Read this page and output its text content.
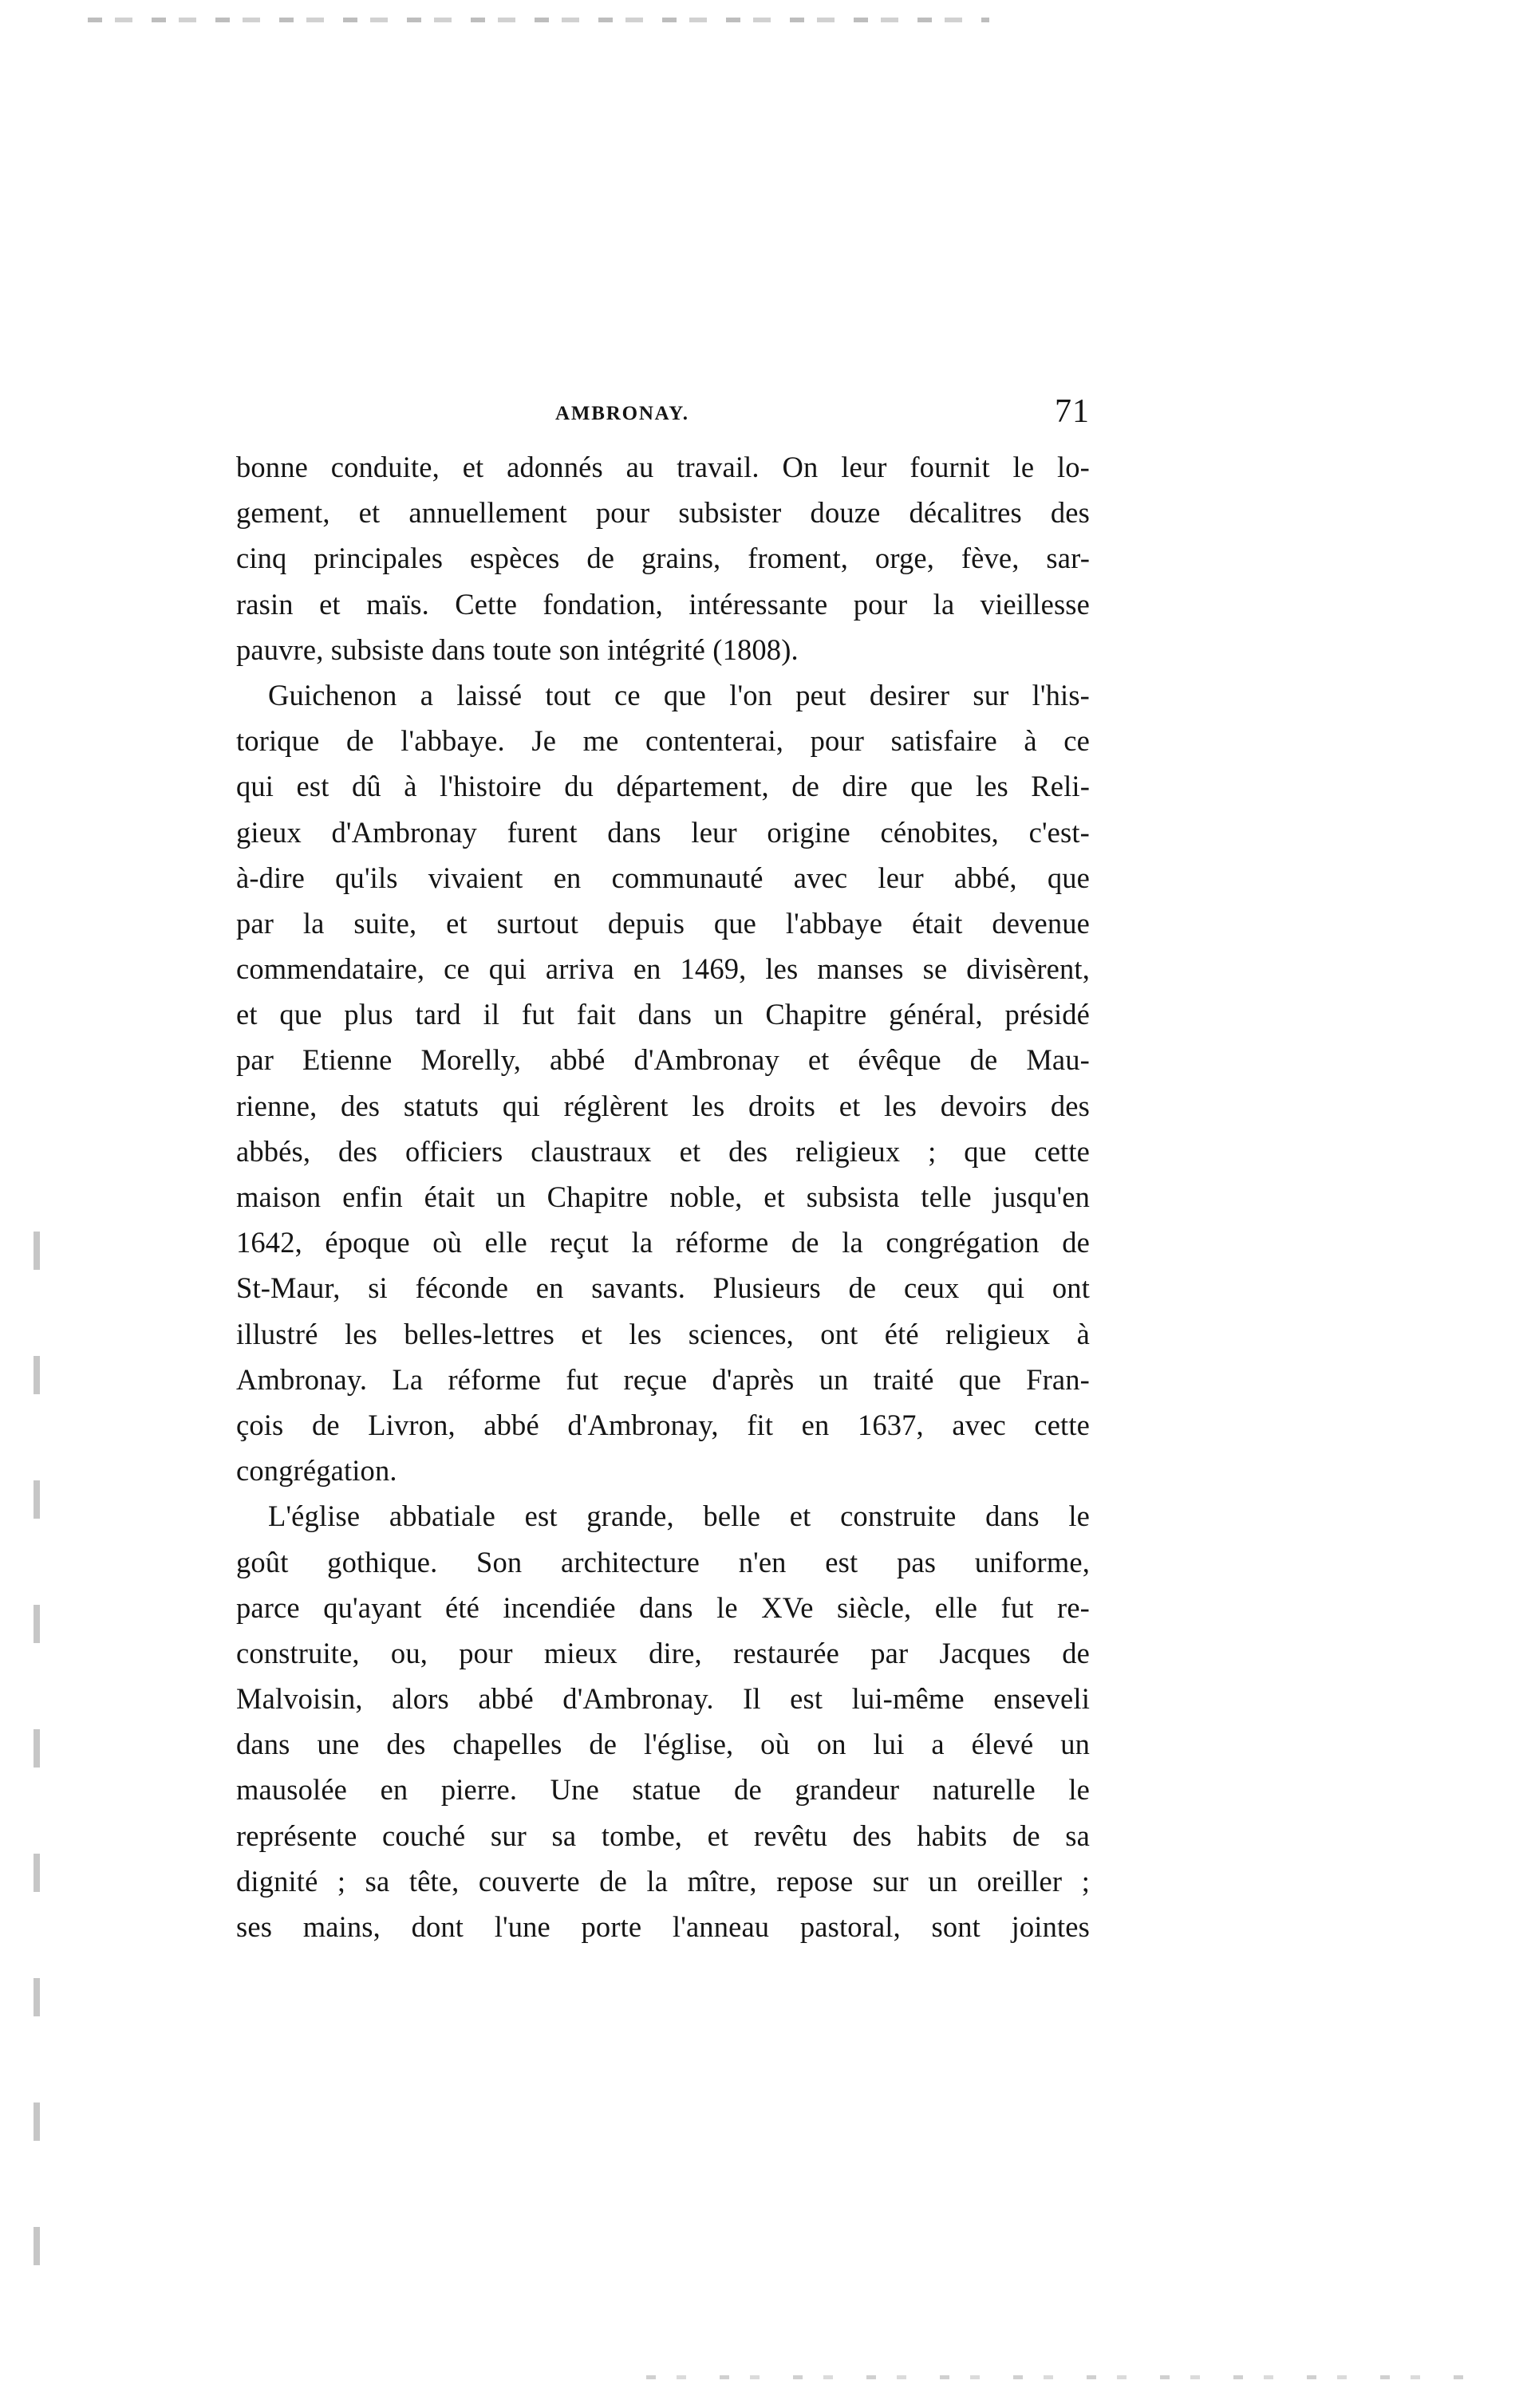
AMBRONAY.	71
bonne conduite, et adonnés au travail. On leur fournit le lo-
gement, et annuellement pour subsister douze décalitres des
cinq principales espèces de grains, froment, orge, fève, sar-
rasin et maïs. Cette fondation, intéressante pour la vieillesse
pauvre, subsiste dans toute son intégrité (1808).
Guichenon a laissé tout ce que l'on peut desirer sur l'his-
torique de l'abbaye. Je me contenterai, pour satisfaire à ce
qui est dû à l'histoire du département, de dire que les Reli-
gieux d'Ambronay furent dans leur origine cénobites, c'est-
à-dire qu'ils vivaient en communauté avec leur abbé, que
par la suite, et surtout depuis que l'abbaye était devenue
commendataire, ce qui arriva en 1469, les manses se divisèrent,
et que plus tard il fut fait dans un Chapitre général, présidé
par Etienne Morelly, abbé d'Ambronay et évêque de Mau-
rienne, des statuts qui réglèrent les droits et les devoirs des
abbés, des officiers claustraux et des religieux ; que cette
maison enfin était un Chapitre noble, et subsista telle jusqu'en
1642, époque où elle reçut la réforme de la congrégation de
St-Maur, si féconde en savants. Plusieurs de ceux qui ont
illustré les belles-lettres et les sciences, ont été religieux à
Ambronay. La réforme fut reçue d'après un traité que Fran-
çois de Livron, abbé d'Ambronay, fit en 1637, avec cette
congrégation.
L'église abbatiale est grande, belle et construite dans le
goût gothique. Son architecture n'en est pas uniforme,
parce qu'ayant été incendiée dans le XVe siècle, elle fut re-
construite, ou, pour mieux dire, restaurée par Jacques de
Malvoisin, alors abbé d'Ambronay. Il est lui-même enseveli
dans une des chapelles de l'église, où on lui a élevé un
mausolée en pierre. Une statue de grandeur naturelle le
représente couché sur sa tombe, et revêtu des habits de sa
dignité ; sa tête, couverte de la mître, repose sur un oreiller ;
ses mains, dont l'une porte l'anneau pastoral, sont jointes
